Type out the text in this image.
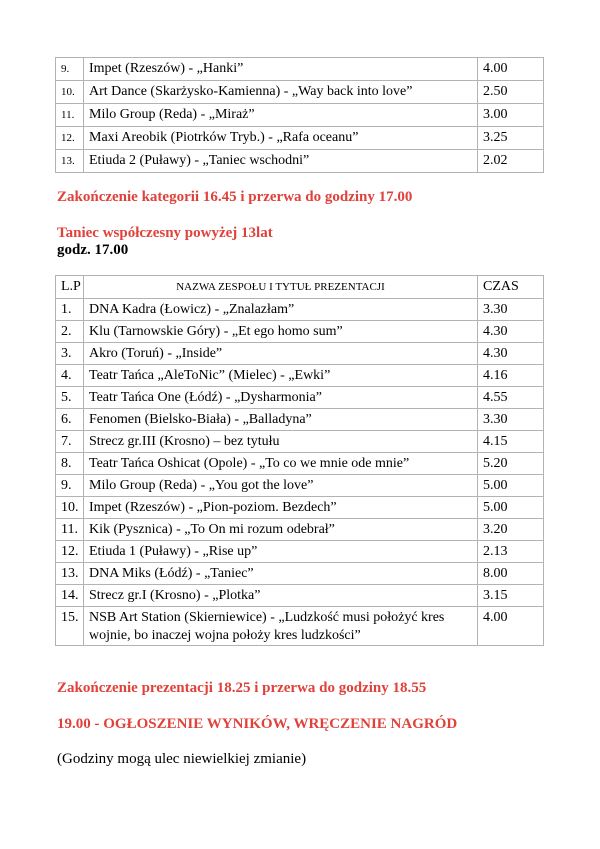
9.	Impet (Rzeszów) - „Hanki”	4.00
10.	Art Dance (Skarżysko-Kamienna) - „Way back into love”	2.50
11.	Milo Group (Reda) - „Miraż”	3.00
12.	Maxi Areobik (Piotrków Tryb.) - „Rafa oceanu”	3.25
13.	Etiuda 2 (Puławy) - „Taniec wschodni”	2.02

Zakończenie kategorii 16.45 i przerwa do godziny 17.00

Taniec współczesny powyżej 13lat

godz. 17.00

L.P	NAZWA ZESPOŁU I TYTUŁ PREZENTACJI	CZAS
1.	DNA Kadra (Łowicz) - „Znalazłam”	3.30
2.	Klu (Tarnowskie Góry) - „Et ego homo sum”	4.30
3.	Akro (Toruń) - „Inside”	4.30
4.	Teatr Tańca „AleToNic” (Mielec) - „Ewki”	4.16
5.	Teatr Tańca One (Łódź) - „Dysharmonia”	4.55
6.	Fenomen (Bielsko-Biała) - „Balladyna”	3.30
7.	Strecz gr.III (Krosno) – bez tytułu	4.15
8.	Teatr Tańca Oshicat (Opole) - „To co we mnie ode mnie”	5.20
9.	Milo Group (Reda) - „You got the love”	5.00
10.	Impet (Rzeszów) - „Pion-poziom. Bezdech”	5.00
11.	Kik (Pysznica) - „To On mi rozum odebrał”	3.20
12.	Etiuda 1 (Puławy) - „Rise up”	2.13
13.	DNA Miks (Łódź) - „Taniec”	8.00
14.	Strecz gr.I (Krosno) - „Plotka”	3.15
15.	NSB Art Station (Skierniewice) - „Ludzkość musi położyć kres wojnie, bo inaczej wojna położy kres ludzkości”	4.00

Zakończenie prezentacji 18.25 i przerwa do godziny 18.55

19.00 - OGŁOSZENIE WYNIKÓW, WRĘCZENIE NAGRÓD

(Godziny mogą ulec niewielkiej zmianie)
